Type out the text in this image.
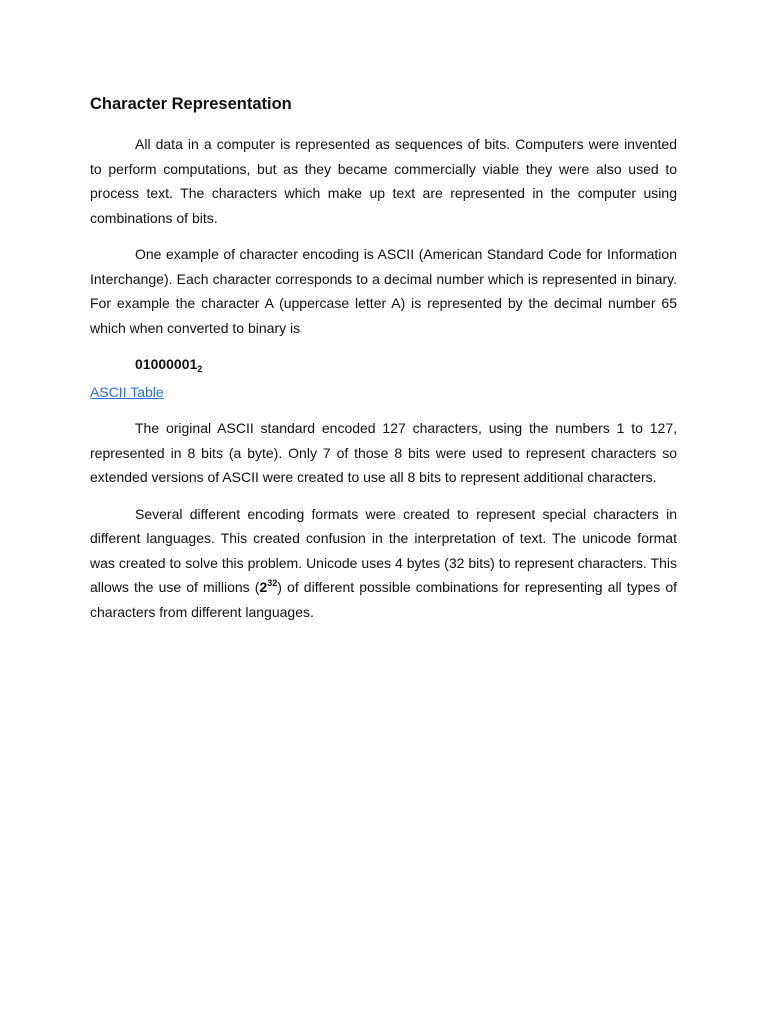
Character Representation

All data in a computer is represented as sequences of bits. Computers were invented to perform computations, but as they became commercially viable they were also used to process text. The characters which make up text are represented in the computer using combinations of bits.

One example of character encoding is ASCII (American Standard Code for Information Interchange). Each character corresponds to a decimal number which is represented in binary. For example the character A (uppercase letter A) is represented by the decimal number 65 which when converted to binary is

$01000001_2$
ASCII Table

The original ASCII standard encoded 127 characters, using the numbers 1 to 127, represented in 8 bits (a byte). Only 7 of those 8 bits were used to represent characters so extended versions of ASCII were created to use all 8 bits to represent additional characters.

Several different encoding formats were created to represent special characters in different languages. This created confusion in the interpretation of text. The unicode format was created to solve this problem. Unicode uses 4 bytes (32 bits) to represent characters. This allows the use of millions $(2^{32})$ of different possible combinations for representing all types of characters from different languages.
